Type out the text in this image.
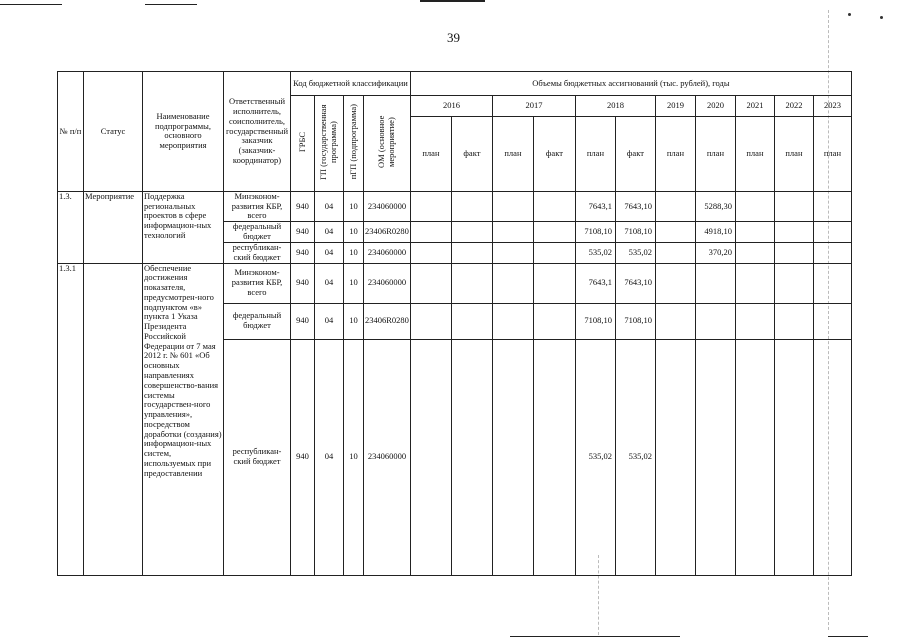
39
№ п/п	Статус	Наименование подпрограммы, основного мероприятия	Ответственный исполнитель, соисполнитель, государственный заказчик (заказчик-координатор)	Код бюджетной классификации				Объемы бюджетных ассигнований (тыс. рублей), годы										
				ГРБС	ГП (государственная программа)	пГП (подпрограмма)	ОМ (основное мероприятие)	2016		2017		2018		2019	2020	2021	2022	2023
								план	факт	план	факт	план	факт	план	план	план	план	план
1.3.	Мероприятие	Поддержка региональных проектов в сфере информацион-ных технологий	Минэконом-развития КБР, всего	940	04	10	234060000					7643,1	7643,10		5288,30			
			федеральный бюджет	940	04	10	23406R0280					7108,10	7108,10		4918,10			
			республикан-ский бюджет	940	04	10	234060000					535,02	535,02		370,20			
1.3.1		Обеспечение достижения показателя, предусмотрен-ного подпунктом «в» пункта 1 Указа Президента Российской Федерации от 7 мая 2012 г. № 601 «Об основных направлениях совершенство-вания системы государствен-ного управления», посредством доработки (создания) информацион-ных систем, используемых при предоставлении	Минэконом-развития КБР, всего	940	04	10	234060000					7643,1	7643,10					
			федеральный бюджет	940	04	10	23406R0280					7108,10	7108,10					
			республикан-ский бюджет	940	04	10	234060000					535,02	535,02					
